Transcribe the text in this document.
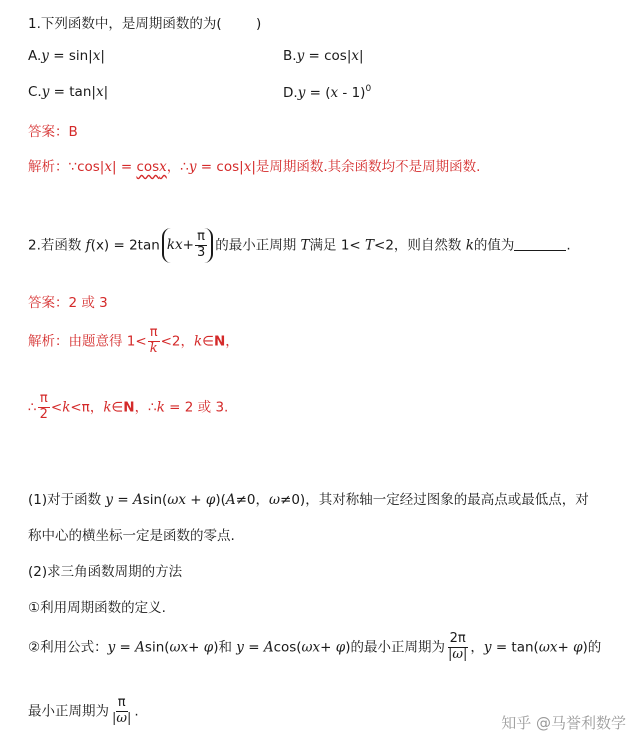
1.下列函数中，是周期函数的为(	)
A.y = sin|x|	B.y = cos|x|
C.y = tan|x|	D.y = (x - 1)$^0$
答案：B
解析：∵cos|x| = cosx，∴y = cos|x|是周期函数.其余函数均不是周期函数.
2.若函数 f(x) = 2tan k $x + \frac{\pi}{3}$ 的最小正周期 T满足 1< T<2，则自然数 k的值为	.
答案：2 或 3
解析：由题意得 $1< \frac{\pi}{k} <2$，k∈N，
∴ $\frac{\pi}{2} <k<\pi$，k∈N，∴k = 2 或 3.
(1)对于函数 y = Asin(ωx + φ)(A≠0，ω≠0)，其对称轴一定经过图象的最高点或最低点，对
称中心的横坐标一定是函数的零点.
(2)求三角函数周期的方法
①利用周期函数的定义.
②利用公式：y = Asin(ωx+ φ)和 y = Acos(ωx+ φ)的最小正周期为 $\frac{2\pi}{|\omega|}$ ，y = tan(ωx+ φ)的
最小正周期为 $\frac{\pi}{|\omega|}$ .
知乎 @马誉利数学
